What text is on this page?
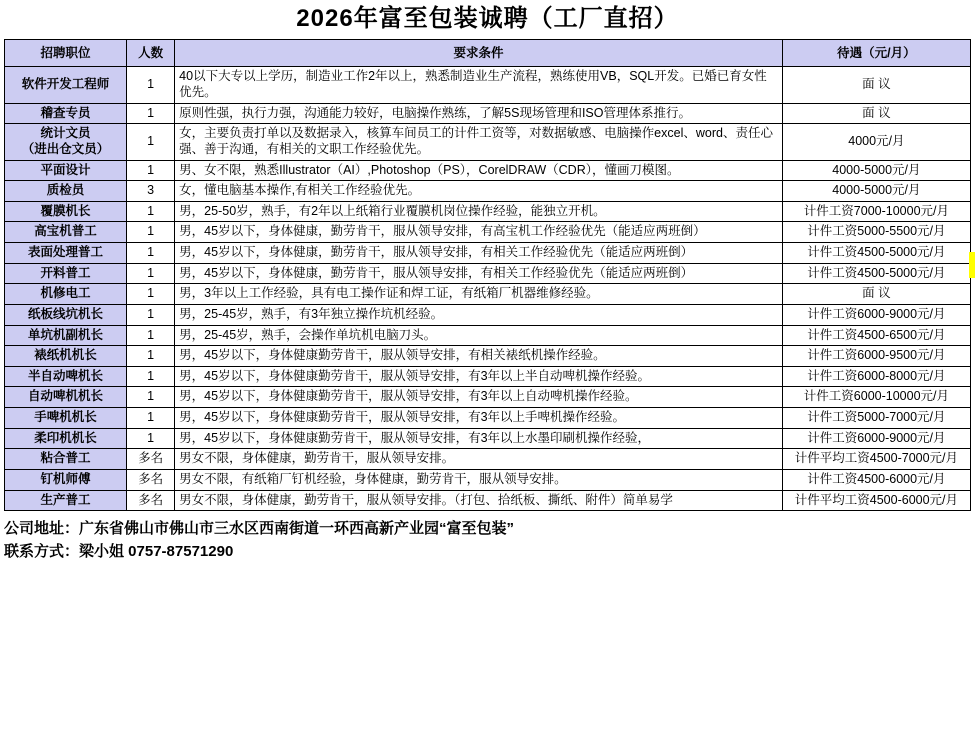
2026年富至包装诚聘（工厂直招）
招聘职位	人数	要求条件	待遇（元/月）
软件开发工程师	1	40以下大专以上学历，制造业工作2年以上，熟悉制造业生产流程，熟练使用VB，SQL开发。已婚已育女性优先。	面 议
稽查专员	1	原则性强，执行力强，沟通能力较好，电脑操作熟练，了解5S现场管理和ISO管理体系推行。	面 议
统计文员
（进出仓文员）	1	女，主要负责打单以及数据录入，核算车间员工的计件工资等，对数据敏感、电脑操作excel、word、责任心强、善于沟通，有相关的文职工作经验优先。	4000元/月
平面设计	1	男、女不限，熟悉Illustrator（AI）,Photoshop（PS），CorelDRAW（CDR），懂画刀模图。	4000-5000元/月
质检员	3	女，懂电脑基本操作,有相关工作经验优先。	4000-5000元/月
覆膜机长	1	男，25-50岁，熟手，有2年以上纸箱行业覆膜机岗位操作经验，能独立开机。	计件工资7000-10000元/月
高宝机普工	1	男，45岁以下，身体健康，勤劳肯干，服从领导安排，有高宝机工作经验优先（能适应两班倒）	计件工资5000-5500元/月
表面处理普工	1	男，45岁以下，身体健康，勤劳肯干，服从领导安排，有相关工作经验优先（能适应两班倒）	计件工资4500-5000元/月
开料普工	1	男，45岁以下，身体健康，勤劳肯干，服从领导安排，有相关工作经验优先（能适应两班倒）	计件工资4500-5000元/月
机修电工	1	男，3年以上工作经验，具有电工操作证和焊工证，有纸箱厂机器维修经验。	面 议
纸板线坑机长	1	男，25-45岁，熟手，有3年独立操作坑机经验。	计件工资6000-9000元/月
单坑机副机长	1	男，25-45岁，熟手，会操作单坑机电脑刀头。	计件工资4500-6500元/月
裱纸机机长	1	男，45岁以下，身体健康勤劳肯干，服从领导安排，有相关裱纸机操作经验。	计件工资6000-9500元/月
半自动啤机长	1	男，45岁以下，身体健康勤劳肯干，服从领导安排，有3年以上半自动啤机操作经验。	计件工资6000-8000元/月
自动啤机机长	1	男，45岁以下，身体健康勤劳肯干，服从领导安排，有3年以上自动啤机操作经验。	计件工资6000-10000元/月
手啤机机长	1	男，45岁以下，身体健康勤劳肯干，服从领导安排，有3年以上手啤机操作经验。	计件工资5000-7000元/月
柔印机机长	1	男，45岁以下，身体健康勤劳肯干，服从领导安排，有3年以上水墨印刷机操作经验，	计件工资6000-9000元/月
粘合普工	多名	男女不限，身体健康，勤劳肯干，服从领导安排。	计件平均工资4500-7000元/月
钉机师傅	多名	男女不限，有纸箱厂钉机经验，身体健康，勤劳肯干，服从领导安排。	计件工资4500-6000元/月
生产普工	多名	男女不限，身体健康，勤劳肯干，服从领导安排。（打包、拾纸板、撕纸、附件）简单易学	计件平均工资4500-6000元/月
公司地址：广东省佛山市佛山市三水区西南街道一环西高新产业园“富至包装”
联系方式：梁小姐 0757-87571290
